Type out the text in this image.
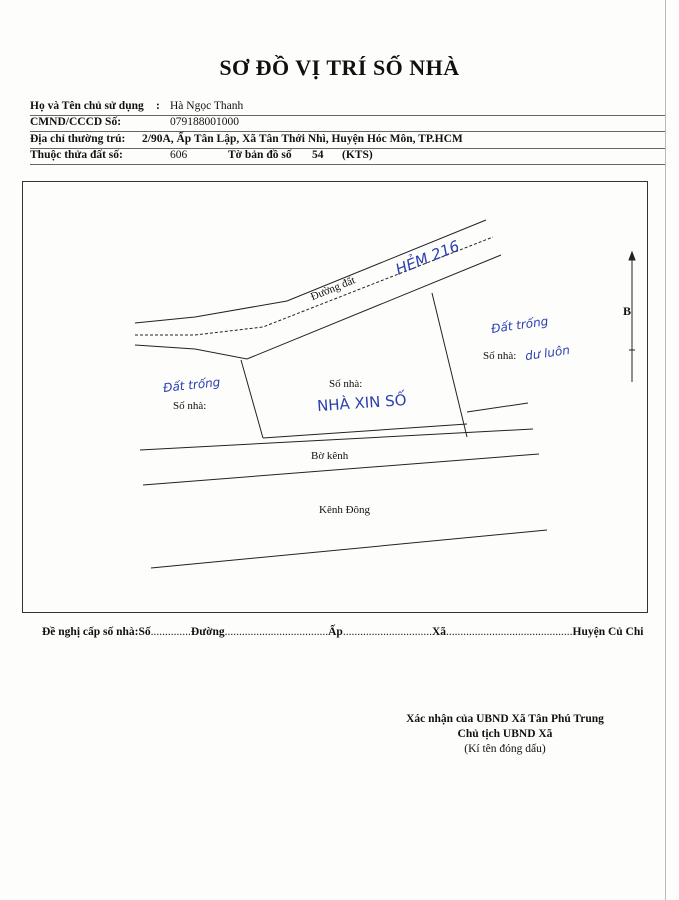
SƠ ĐỒ VỊ TRÍ SỐ NHÀ
Họ và Tên chủ sử dụng : Hà Ngọc Thanh
CMND/CCCD Số:	079188001000
Địa chỉ thường trú: 2/90A, Ấp Tân Lập, Xã Tân Thới Nhì, Huyện Hóc Môn, TP.HCM
Thuộc thửa đất số:	606	Tờ bản đồ số 54 (KTS)
Đường đất
HẺM 216
Số nhà:
NHÀ XIN SỐ
Đất trống
Số nhà:
Đất trống
Số nhà: dư luôn
Bờ kênh
Kênh Đông
B
Đề nghị cấp số nhà:Số..............Đường....................................Ấp...............................Xã............................................Huyện Củ Chi
Xác nhận của UBND Xã Tân Phú Trung
Chủ tịch UBND Xã
(Kí tên đóng dấu)
